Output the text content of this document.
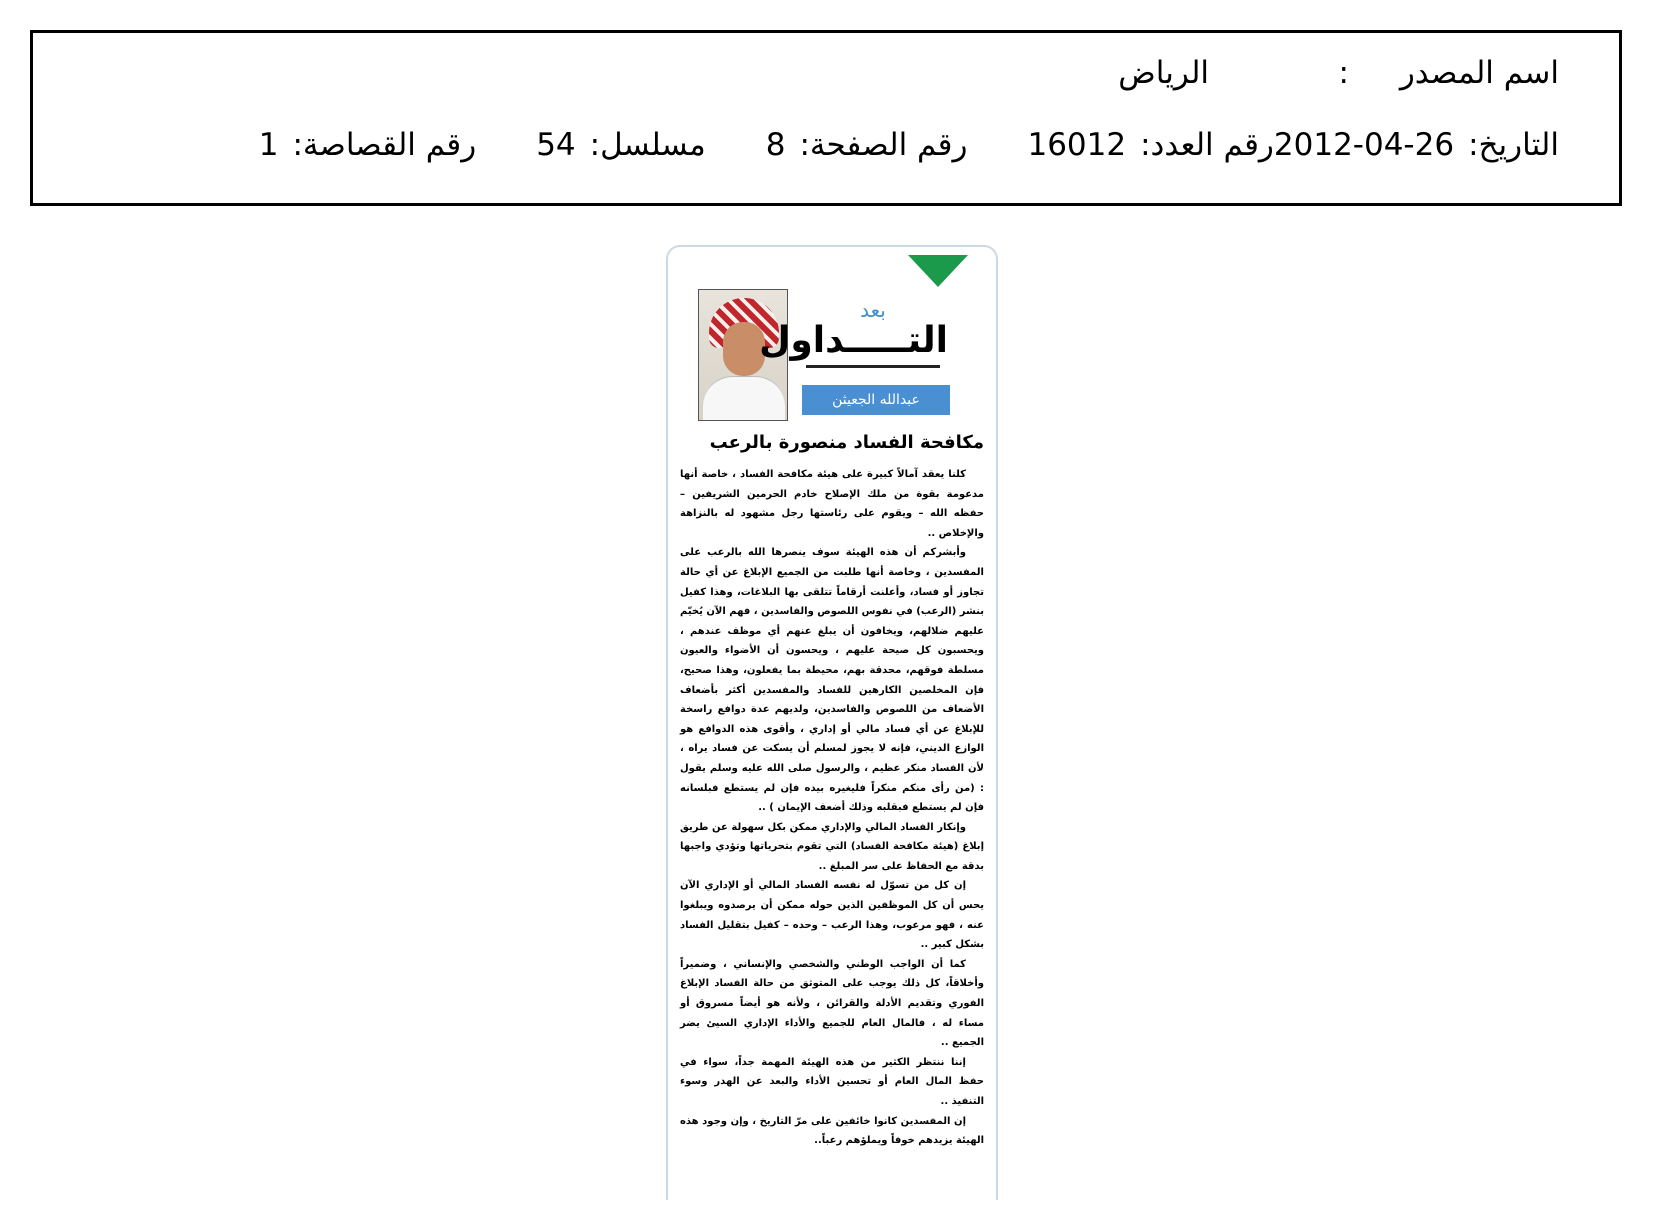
اسم المصدر
:
الرياض
التاريخ:
2012-04-26
رقم العدد:
16012
رقم الصفحة:
8
مسلسل:
54
رقم القصاصة:
1
بعد
التـــــداول
عبدالله الجعيثن
مكافحة الفساد منصورة بالرعب

كلنا يعقد آمالاً كبيرة على هيئة مكافحة الفساد ، خاصة أنها مدعومة بقوة من ملك الإصلاح خادم الحرمين الشريفين – حفظه الله – ويقوم على رئاستها رجل مشهود له بالنزاهة والإخلاص ..

وأبشركم أن هذه الهيئة سوف ينصرها الله بالرعب على المفسدين ، وخاصة أنها طلبت من الجميع الإبلاغ عن أي حالة تجاوز أو فساد، وأعلنت أرقاماً تتلقى بها البلاغات، وهذا كفيل بنشر (الرعب) في نفوس اللصوص والفاسدين ، فهم الآن يُخيّم عليهم ضلالهم، ويخافون أن يبلغ عنهم أي موظف عندهم ، ويحسبون كل صيحة عليهم ، ويحسون أن الأضواء والعيون مسلطة فوقهم، محدقة بهم، محيطة بما يفعلون، وهذا صحيح، فإن المخلصين الكارهين للفساد والمفسدين أكثر بأضعاف الأضعاف من اللصوص والفاسدين، ولديهم عدة دوافع راسخة للإبلاغ عن أي فساد مالي أو إداري ، وأقوى هذه الدوافع هو الوازع الديني، فإنه لا يجوز لمسلم أن يسكت عن فساد يراه ، لأن الفساد منكر عظيم ، والرسول صلى الله عليه وسلم يقول : (من رأى منكم منكراً فليغيره بيده فإن لم يستطع فبلسانه فإن لم يستطع فبقلبه وذلك أضعف الإيمان ) ..

وإنكار الفساد المالي والإداري ممكن بكل سهولة عن طريق إبلاغ (هيئة مكافحة الفساد) التي تقوم بتحرياتها وتؤدي واجبها بدقة مع الحفاظ على سر المبلغ ..

إن كل من تسوّل له نفسه الفساد المالي أو الإداري الآن يحس أن كل الموظفين الذين حوله ممكن أن يرصدوه ويبلغوا عنه ، فهو مرعوب، وهذا الرعب – وحده – كفيل بتقليل الفساد بشكل كبير ..

كما أن الواجب الوطني والشخصي والإنساني ، وضميراً وأخلاقاً، كل ذلك يوجب على المتوثق من حالة الفساد الإبلاغ الفوري وتقديم الأدلة والقرائن ، ولأنه هو أيضاً مسروق أو مساء له ، فالمال العام للجميع والأداء الإداري السيئ يضر الجميع ..

إننا ننتظر الكثير من هذه الهيئة المهمة جداً، سواء في حفظ المال العام أو تحسين الأداء والبعد عن الهدر وسوء التنفيذ ..

إن المفسدين كانوا خائفين على مرّ التاريخ ، وإن وجود هذه الهيئة يزيدهم خوفاً ويملؤهم رعباً..
